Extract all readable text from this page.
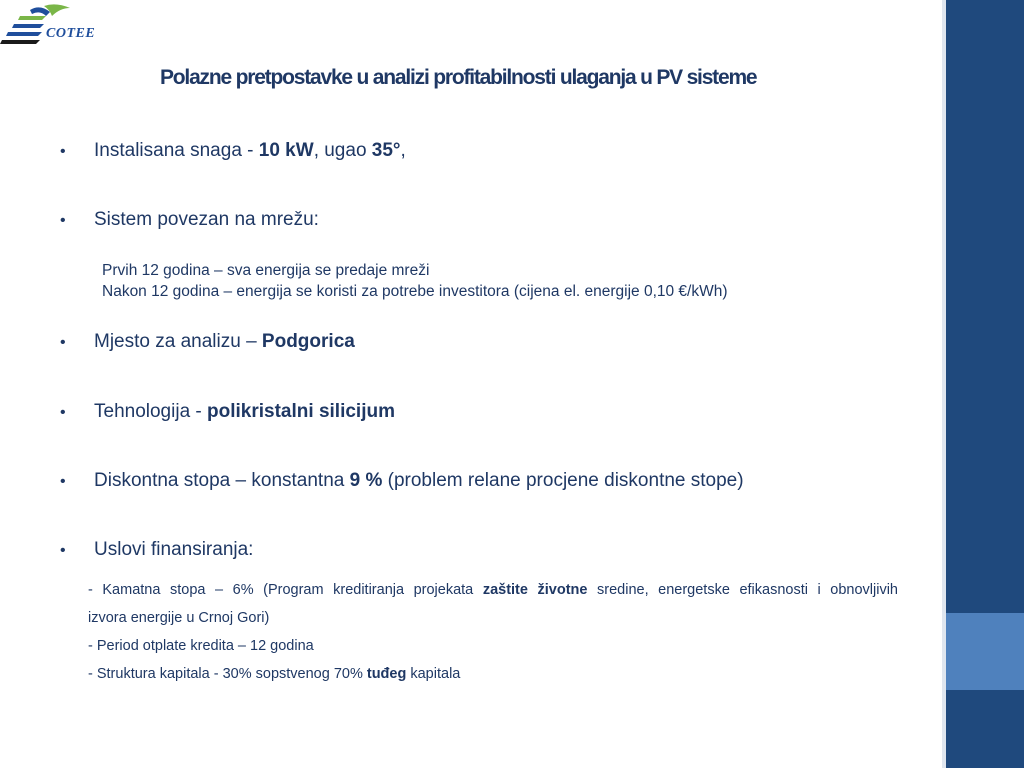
COTEE
Polazne pretpostavke u analizi profitabilnosti ulaganja u PV sisteme
• Instalisana snaga - 10 kW, ugao 35°,
• Sistem povezan na mrežu:
Prvih 12 godina – sva energija se predaje mreži
Nakon 12 godina – energija se koristi za potrebe investitora (cijena el. energije 0,10 €/kWh)
• Mjesto za analizu – Podgorica
• Tehnologija - polikristalni silicijum
• Diskontna stopa – konstantna 9 % (problem relane procjene diskontne stope)
• Uslovi finansiranja:
- Kamatna stopa – 6% (Program kreditiranja projekata zaštite životne sredine, energetske efikasnosti i obnovljivih
izvora energije u Crnoj Gori)
- Period otplate kredita – 12 godina
- Struktura kapitala - 30% sopstvenog 70% tuđeg kapitala
